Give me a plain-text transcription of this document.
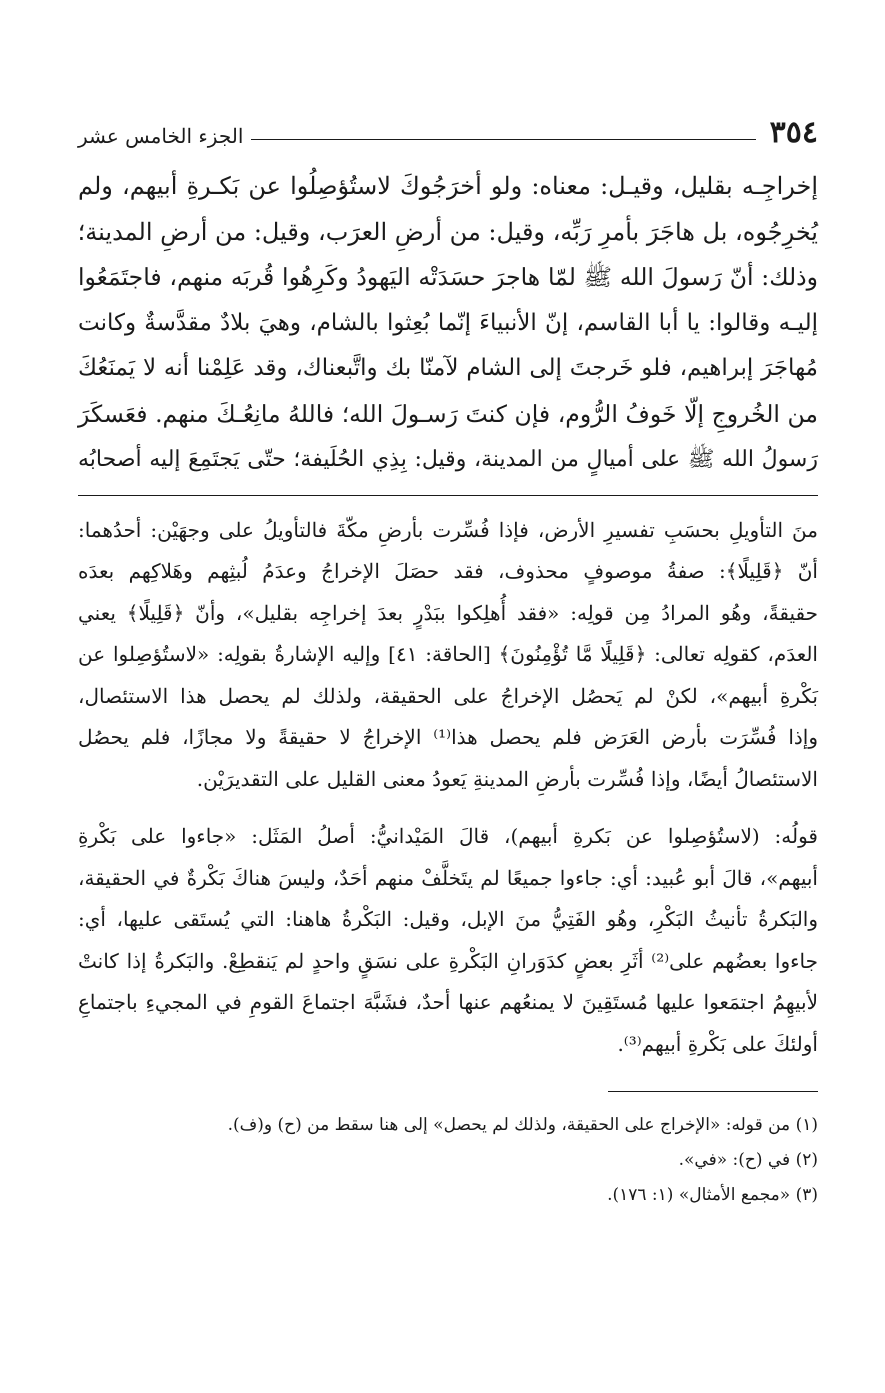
٣٥٤
الجزء الخامس عشر
إخراجِـه بقليل، وقيـل: معناه: ولو أخرَجُوكَ لاستُؤصِلُوا عن بَكـرةِ أبيهم، ولم
يُخرِجُوه، بل هاجَرَ بأمرِ رَبِّه، وقيل: من أرضِ العرَب، وقيل: من أرضِ المدينة؛
وذلك: أنّ رَسولَ الله ﷺ لمّا هاجرَ حسَدَتْه اليَهودُ وكَرِهُوا قُربَه منهم، فاجتَمَعُوا
إليـه وقالوا: يا أبا القاسم، إنّ الأنبياءَ إنّما بُعِثوا بالشام، وهيَ بلادٌ مقدَّسةٌ وكانت
مُهاجَرَ إبراهيم، فلو خَرجتَ إلى الشام لآمنّا بك واتَّبعناك، وقد عَلِمْنا أنه لا يَمنَعُكَ
من الخُروجِ إلّا خَوفُ الرُّوم، فإن كنتَ رَسـولَ الله؛ فاللهُ مانِعُـكَ منهم. فعَسكَرَ
رَسولُ الله ﷺ على أميالٍ من المدينة، وقيل: بِذِي الحُلَيفة؛ حتّى يَجتَمِعَ إليه أصحابُه
منَ التأويلِ بحسَبِ تفسيرِ الأرض، فإذا فُسِّرت بأرضِ مكّةَ فالتأويلُ على وجهَيْن: أحدُهما:
أنّ ﴿قَلِيلًا﴾: صفةُ موصوفٍ محذوف، فقد حصَلَ الإخراجُ وعدَمُ لُبثِهم وهَلاكِهم بعدَه
حقيقةً، وهُو المرادُ مِن قولِه: «فقد أُهلِكوا ببَدْرٍ بعدَ إخراجِه بقليل»، وأنّ ﴿قَلِيلًا﴾ يعني
العدَم، كقولِه تعالى: ﴿قَلِيلًا مَّا تُؤْمِنُونَ﴾ [الحاقة: ٤١] وإليه الإشارةُ بقولِه: «لاستُؤصِلوا عن
بَكْرةِ أبيهم»، لكنْ لم يَحصُل الإخراجُ على الحقيقة، ولذلك لم يحصل هذا الاستئصال،
وإذا فُسِّرَت بأرض العَرَض فلم يحصل هذا⁽¹⁾ الإخراجُ لا حقيقةً ولا مجازًا، فلم يحصُل
الاستئصالُ أيضًا، وإذا فُسِّرت بأرضِ المدينةِ يَعودُ معنى القليل على التقديرَيْن.
قولُه: (لاستُؤصِلوا عن بَكرةِ أبيهم)، قالَ المَيْدانيُّ: أصلُ المَثَل: «جاءوا على بَكْرةِ
أبيهم»، قالَ أبو عُبيد: أي: جاءوا جميعًا لم يتَخلَّفْ منهم أحَدٌ، وليسَ هناكَ بَكْرةٌ في الحقيقة،
والبَكرةُ تأنيثُ البَكْرِ، وهُو الفَتِيُّ منَ الإبل، وقيل: البَكْرةُ هاهنا: التي يُستَقى عليها، أي:
جاءوا بعضُهم على⁽²⁾ أثَرِ بعضٍ كدَوَرانِ البَكْرةِ على نسَقٍ واحدٍ لم يَنقطِعْ. والبَكرةُ إذا كانتْ
لأبيهِمُ اجتمَعوا عليها مُستَقِينَ لا يمنعُهم عنها أحدٌ، فشَبَّهَ اجتماعَ القومِ في المجيءِ باجتماعِ
أولئكَ على بَكْرةِ أبيهم⁽³⁾.
(١) من قوله: «الإخراج على الحقيقة، ولذلك لم يحصل» إلى هنا سقط من (ح) و(ف).
(٢) في (ح): «في».
(٣) «مجمع الأمثال» (١: ١٧٦).
